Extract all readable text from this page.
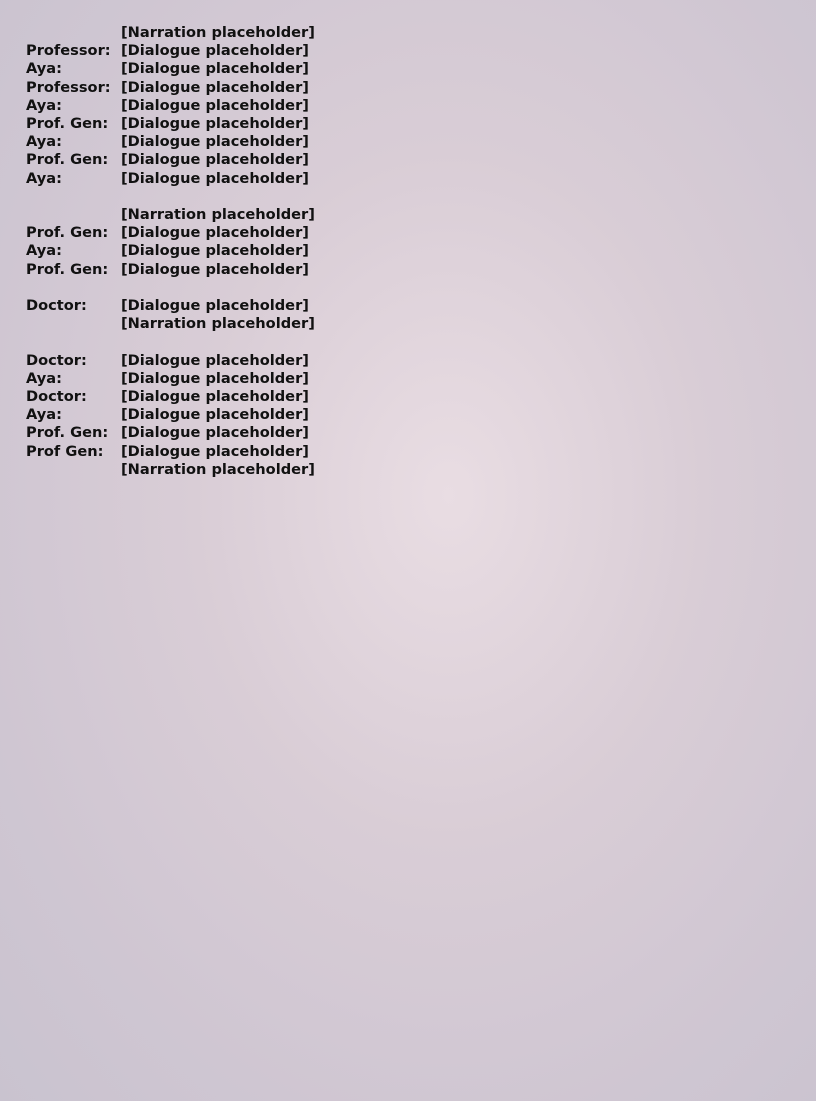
[Narration placeholder]
Professor: [Dialogue placeholder]
Aya:	[Dialogue placeholder]
Professor: [Dialogue placeholder]
Aya:	[Dialogue placeholder]
Prof. Gen: [Dialogue placeholder]
Aya:	[Dialogue placeholder]
Prof. Gen: [Dialogue placeholder]
Aya:	[Dialogue placeholder]
[Narration placeholder]
Prof. Gen: [Dialogue placeholder]
Aya:	[Dialogue placeholder]
Prof. Gen: [Dialogue placeholder]
Doctor:	[Dialogue placeholder]
[Narration placeholder]
Doctor:	[Dialogue placeholder]
Aya:	[Dialogue placeholder]
Doctor:	[Dialogue placeholder]
Aya:	[Dialogue placeholder]
Prof. Gen: [Dialogue placeholder]
Prof Gen:	[Dialogue placeholder]
[Narration placeholder]
